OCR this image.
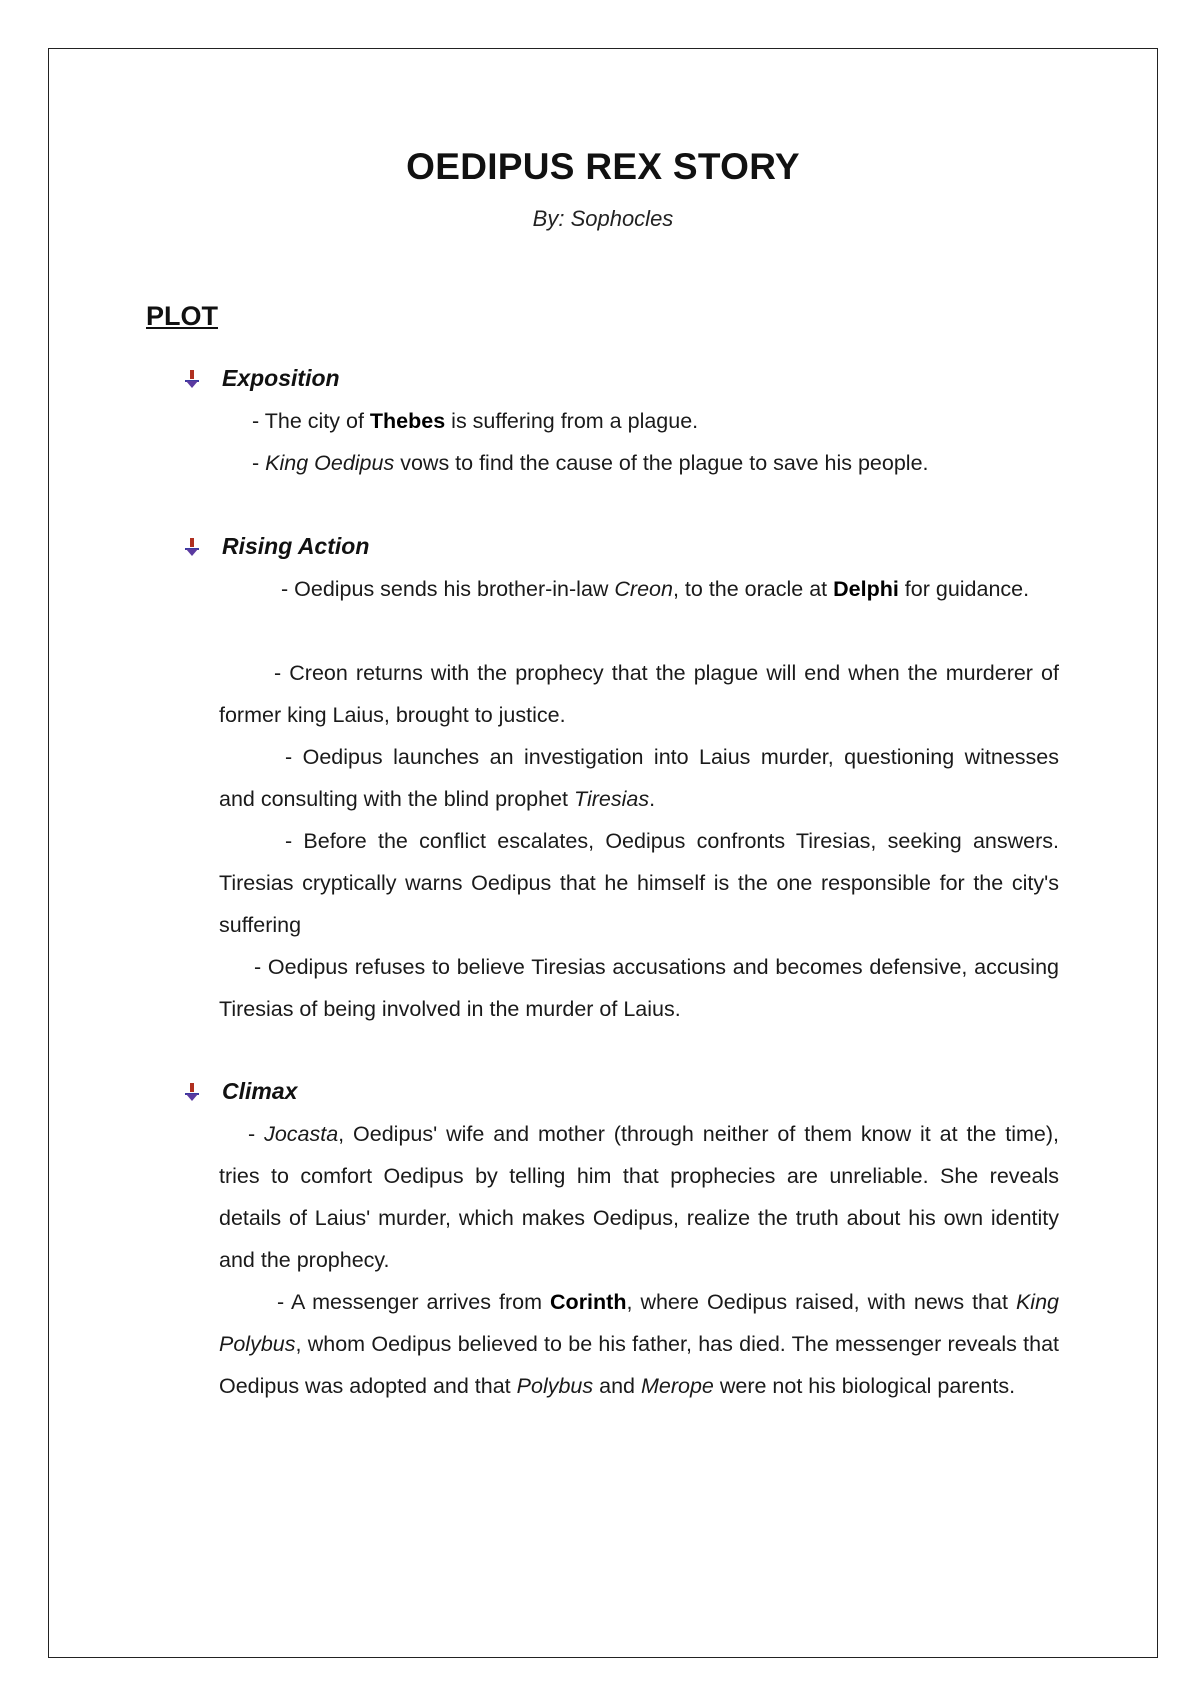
OEDIPUS REX STORY
By: Sophocles
PLOT
Exposition
- The city of Thebes is suffering from a plague.
- King Oedipus vows to find the cause of the plague to save his people.
Rising Action
- Oedipus sends his brother-in-law Creon, to the oracle at Delphi for guidance.
- Creon returns with the prophecy that the plague will end when the murderer of former king Laius, brought to justice.
- Oedipus launches an investigation into Laius murder, questioning witnesses and consulting with the blind prophet Tiresias.
- Before the conflict escalates, Oedipus confronts Tiresias, seeking answers. Tiresias cryptically warns Oedipus that he himself is the one responsible for the city's suffering
- Oedipus refuses to believe Tiresias accusations and becomes defensive, accusing Tiresias of being involved in the murder of Laius.
Climax
- Jocasta, Oedipus' wife and mother (through neither of them know it at the time), tries to comfort Oedipus by telling him that prophecies are unreliable. She reveals details of Laius' murder, which makes Oedipus, realize the truth about his own identity and the prophecy.
- A messenger arrives from Corinth, where Oedipus raised, with news that King Polybus, whom Oedipus believed to be his father, has died. The messenger reveals that Oedipus was adopted and that Polybus and Merope were not his biological parents.
